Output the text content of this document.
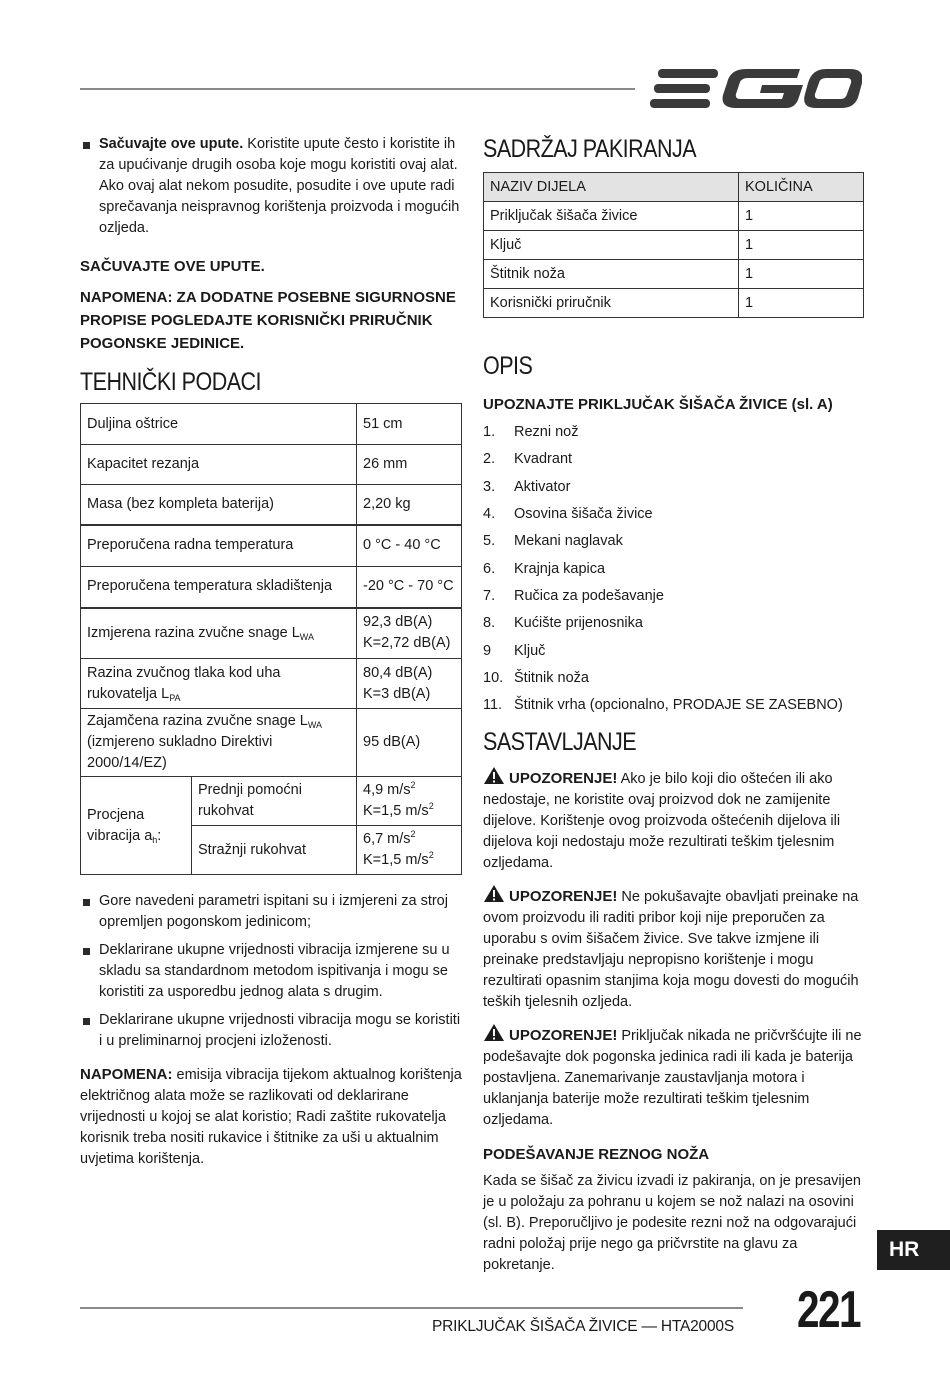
Sačuvajte ove upute. Koristite upute često i koristite ih za upućivanje drugih osoba koje mogu koristiti ovaj alat. Ako ovaj alat nekom posudite, posudite i ove upute radi sprečavanja neispravnog korištenja proizvoda i mogućih ozljeda.
SAČUVAJTE OVE UPUTE.
NAPOMENA: ZA DODATNE POSEBNE SIGURNOSNE PROPISE POGLEDAJTE KORISNIČKI PRIRUČNIK POGONSKE JEDINICE.
TEHNIČKI PODACI
Duljina oštrice		51 cm
Kapacitet rezanja		26 mm
Masa (bez kompleta baterija)		2,20 kg
Preporučena radna temperatura		0 °C - 40 °C
Preporučena temperatura skladištenja		-20 °C - 70 °C
Izmjerena razina zvučne snage $L_{WA}$		92,3 dB(A)
K=2,72 dB(A)
Razina zvučnog tlaka kod uha
rukovatelja $L_{PA}$		80,4 dB(A)
K=3 dB(A)
Zajamčena razina zvučne snage $L_{WA}$
(izmjereno sukladno Direktivi 2000/14/EZ)		95 dB(A)
Procjena
vibracija $a_h$:	Prednji pomoćni rukohvat	4,9 $m/s^2$
K=1,5 $m/s^2$
	Stražnji rukohvat	6,7 $m/s^2$
K=1,5 $m/s^2$
Gore navedeni parametri ispitani su i izmjereni za stroj opremljen pogonskom jedinicom;
Deklarirane ukupne vrijednosti vibracija izmjerene su u skladu sa standardnom metodom ispitivanja i mogu se koristiti za usporedbu jednog alata s drugim.
Deklarirane ukupne vrijednosti vibracija mogu se koristiti i u preliminarnoj procjeni izloženosti.

NAPOMENA: emisija vibracija tijekom aktualnog korištenja električnog alata može se razlikovati od deklarirane vrijednosti u kojoj se alat koristio; Radi zaštite rukovatelja korisnik treba nositi rukavice i štitnike za uši u aktualnim uvjetima korištenja.

SADRŽAJ PAKIRANJA
NAZIV DIJELA	KOLIČINA
Priključak šišača živice	1
Ključ	1
Štitnik noža	1
Korisnički priručnik	1
OPIS
UPOZNAJTE PRIKLJUČAK ŠIŠAČA ŽIVICE (sl. A)
1.	Rezni nož
2.	Kvadrant
3.	Aktivator
4.	Osovina šišača živice
5.	Mekani naglavak
6.	Krajnja kapica
7.	Ručica za podešavanje
8.	Kućište prijenosnika
9	Ključ
10. Štitnik noža
11. Štitnik vrha (opcionalno, PRODAJE SE ZASEBNO)
SASTAVLJANJE

UPOZORENJE! Ako je bilo koji dio oštećen ili ako nedostaje, ne koristite ovaj proizvod dok ne zamijenite dijelove. Korištenje ovog proizvoda oštećenih dijelova ili dijelova koji nedostaju može rezultirati teškim tjelesnim ozljedama.

UPOZORENJE! Ne pokušavajte obavljati preinake na ovom proizvodu ili raditi pribor koji nije preporučen za uporabu s ovim šišačem živice. Sve takve izmjene ili preinake predstavljaju nepropisno korištenje i mogu rezultirati opasnim stanjima koja mogu dovesti do mogućih teških tjelesnih ozljeda.

UPOZORENJE! Priključak nikada ne pričvršćujte ili ne podešavajte dok pogonska jedinica radi ili kada je baterija postavljena. Zanemarivanje zaustavljanja motora i uklanjanja baterije može rezultirati teškim tjelesnim ozljedama.

PODEŠAVANJE REZNOG NOŽA

Kada se šišač za živicu izvadi iz pakiranja, on je presavijen je u položaju za pohranu u kojem se nož nalazi na osovini (sl. B). Preporučljivo je podesite rezni nož na odgovarajući radni položaj prije nego ga pričvrstite na glavu za pokretanje.

HR
PRIKLJUČAK ŠIŠAČA ŽIVICE — HTA2000S 221
